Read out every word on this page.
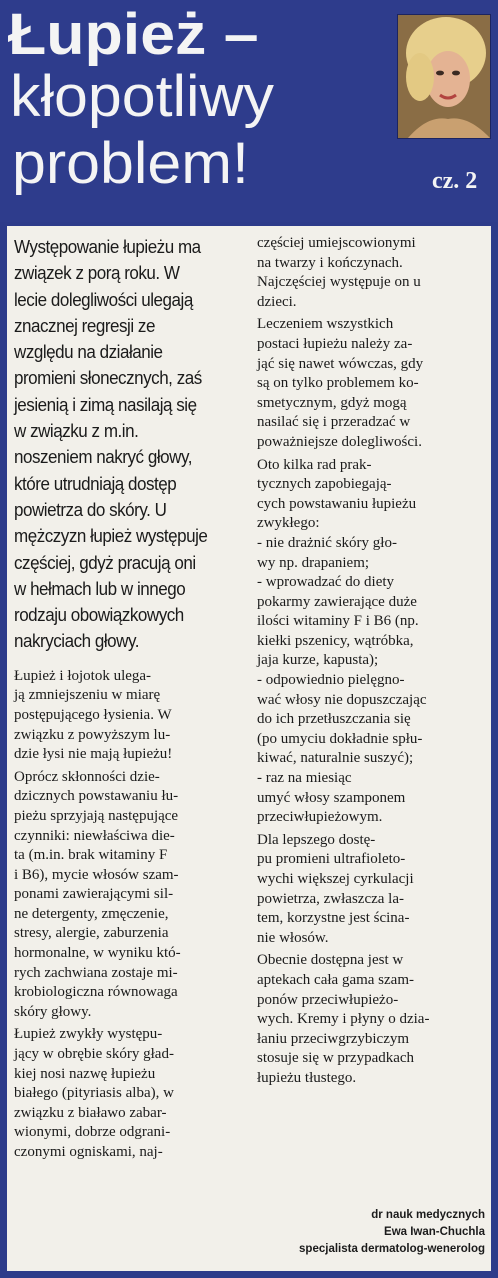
Łupież –
kłopotliwy
problem!	cz. 2

Występowanie łupieżu ma
związek z porą roku. W
lecie dolegliwości ulegają
znacznej regresji ze
względu na działanie
promieni słonecznych, zaś
jesienią i zimą nasilają się
w związku z m.in.
noszeniem nakryć głowy,
które utrudniają dostęp
powietrza do skóry. U
mężczyzn łupież występuje
częściej, gdyż pracują oni
w hełmach lub w innego
rodzaju obowiązkowych
nakryciach głowy.

Łupież i łojotok ulega-
ją zmniejszeniu w miarę
postępującego łysienia. W
związku z powyższym lu-
dzie łysi nie mają łupieżu!

Oprócz skłonności dzie-
dzicznych powstawaniu łu-
pieżu sprzyjają następujące
czynniki: niewłaściwa die-
ta (m.in. brak witaminy F
i B6), mycie włosów szam-
ponami zawierającymi sil-
ne detergenty, zmęczenie,
stresy, alergie, zaburzenia
hormonalne, w wyniku któ-
rych zachwiana zostaje mi-
krobiologiczna równowaga
skóry głowy.

Łupież zwykły występu-
jący w obrębie skóry gład-
kiej nosi nazwę łupieżu
białego (pityriasis alba), w
związku z białawo zabar-
wionymi, dobrze odgrani-
czonymi ogniskami, naj-

częściej umiejscowionymi
na twarzy i kończynach.
Najczęściej występuje on u
dzieci.

Leczeniem wszystkich
postaci łupieżu należy za-
jąć się nawet wówczas, gdy
są on tylko problemem ko-
smetycznym, gdyż mogą
nasilać się i przeradzać w
poważniejsze dolegliwości.

Oto kilka rad prak-
tycznych zapobiegają-
cych powstawaniu łupieżu
zwykłego:

- nie drażnić skóry gło-
wy np. drapaniem;

- wprowadzać do diety
pokarmy zawierające duże
ilości witaminy F i B6 (np.
kiełki pszenicy, wątróbka,
jaja kurze, kapusta);

- odpowiednio pielęgno-
wać włosy nie dopuszczając
do ich przetłuszczania się
(po umyciu dokładnie spłu-
kiwać, naturalnie suszyć);

- raz na miesiąc
umyć włosy szamponem
przeciwłupieżowym.

Dla lepszego dostę-
pu promieni ultrafioleto-
wychi większej cyrkulacji
powietrza, zwłaszcza la-
tem, korzystne jest ścina-
nie włosów.

Obecnie dostępna jest w
aptekach cała gama szam-
ponów przeciwłupieżo-
wych. Kremy i płyny o dzia-
łaniu przeciwgrzybiczym
stosuje się w przypadkach
łupieżu tłustego.

dr nauk medycznych
Ewa Iwan-Chuchla
specjalista dermatolog-wenerolog
